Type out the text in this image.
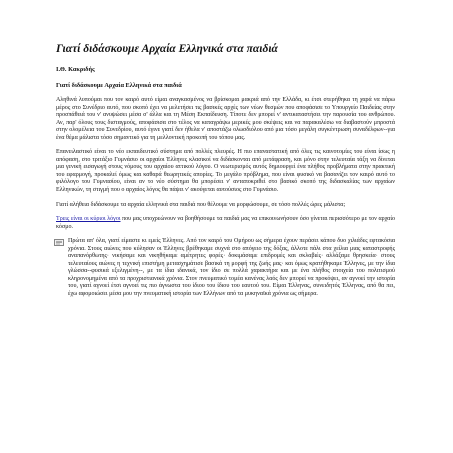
Γιατί διδάσκουμε Αρχαία Ελληνικά στα παιδιά
Ι.Θ. Κακριδής
Γιατί διδάσκουμε Αρχαία Ελληνικά στα παιδιά

Αληθινά λυπούμαι που τον καιρό αυτό είμαι αναγκασμένος να βρίσκομαι μακριά από την Ελλάδα, κι έτσι στερήθηκα τη χαρά να πάρω μέρος στο Συνέδριο αυτό, που σκοπό έχει να μελετήσει τις βασικές αρχές των νέων θεσμών που αποφάσισε το Υπουργείο Παιδείας στην προσπάθειά του ν' ανυψώσει μέσα σ' άλλα και τη Μέση Εκπαίδευση. Τίποτε δεν μπορεί ν' αντικαταστήσει την παρουσία του ανθρώπου. Αν, παρ' όλους τους δισταγμούς, αποφάσισα στο τέλος να καταγράψω μερικές μου σκέψεις και να παρακαλέσω να διαβαστούν μπροστά στην ολομέλεια του Συνεδρίου, αυτό έγινε γιατί δεν ήθελα ν' αποστάζω ολωσδιόλου από μια τόσο μεγάλη συγκέντρωση συναδέλφων--για ένα θέμα μάλιστα τόσο σημαντικό για τη μελλοντική προκοπή του τόπου μας.

Επανειλαστικό είναι το νέο εκπαιδευτικό σύστημα από πολλές πλευρές. Η πιο επαναστατική από όλες τις καινοτομίες του είναι ίσως η απόφαση, στο τριτάξιο Γυμνάσιο οι αρχαίοι Έλληνες κλασικοί να διδάσκονται από μετάφραση, και μόνο στην τελευταία τάξη να δίνεται μια γενική εισαγωγή στους νόμους του αρχαίου αττικού λόγου. Ο νεωτερισμός αυτός δημιουργεί ένα πλήθος προβλήματα στην πρακτική του εφαρμογή, προκαλεί όμως και καθαρά θεωρητικές απορίες. Το μεγάλο πρόβλημα, που είναι φυσικό να βασανίζει τον καιρό αυτό το φιλόλογο του Γυμνασίου, είναι αν το νέο σύστημα θα μπορέσει ν' ανταποκριθεί στο βασικό σκοπό της διδασκαλίας των αρχαίων Ελληνικών, τη στιγμή που ο αρχαίος λόγος θα πάψει ν' ακούγεται αυτούσιος στο Γυμνάσιο.

Γιατί αλήθεια διδάσκουμε τα αρχαία ελληνικά στα παιδιά που θέλουμε να μορφώσουμε, σε τόσο πολλές ώρες μάλιστα;

Τρεις είναι οι κύριοι λόγοι που μας υποχρεώνουν να βοηθήσουμε τα παιδιά μας να επικοινωνήσουν όσο γίνεται περισσότερο με τον αρχαίο κόσμο.

Πρώτα απ' όλα, γιατί είμαστε κι εμείς Έλληνες. Από τον καιρό του Ομήρου ως σήμερα έχουν περάσει κάπου δυο χιλιάδες εφτακόσια χρόνια. Στους αιώνες που κύλησαν οι Έλληνες βρέθηκαμε συχνά στο απόγειο της δόξας, άλλοτε πάλι στα χείλια μιας καταστροφής αναπανόρθωτης· νικήσαμε και νικηθήκαμε αμέτρητες φορές· δοκιμάσαμε επιδρομές και σκλαβιές· αλλάξαμε θρησκεία· στους τελευταίους αιώνες η τεχνική επιστήμη μετασχημάτισε βασικά τη μορφή της ζωής μας· και όμως κρατήθηκαμε Έλληνες, με την ίδια γλώσσα--φυσικά εξελιγμένη--, με τα ίδια ιδανικά, τον ίδιο σε πολλά χαρακτήρα και με ένα πλήθος στοιχεία του πολιτισμού κληρονομημένα από τα προχριστιανικά χρόνια. Στον πνευματικό τομέα κανένας λαός δεν μπορεί να προκόψει, αν αγνοεί την ιστορία του, γιατί αγνοεί έτσι αγνοεί τις πιο άγνωστα του ίδιου του ίδιου του εαυτού του. Είμαι Έλληνας, συνειδητός Έλληνας, από θα πει, έχω αφομοιώσει μέσα μου την πνευματική ιστορία των Ελλήνων από τα μυκηναϊκά χρόνια ως σήμερα.
